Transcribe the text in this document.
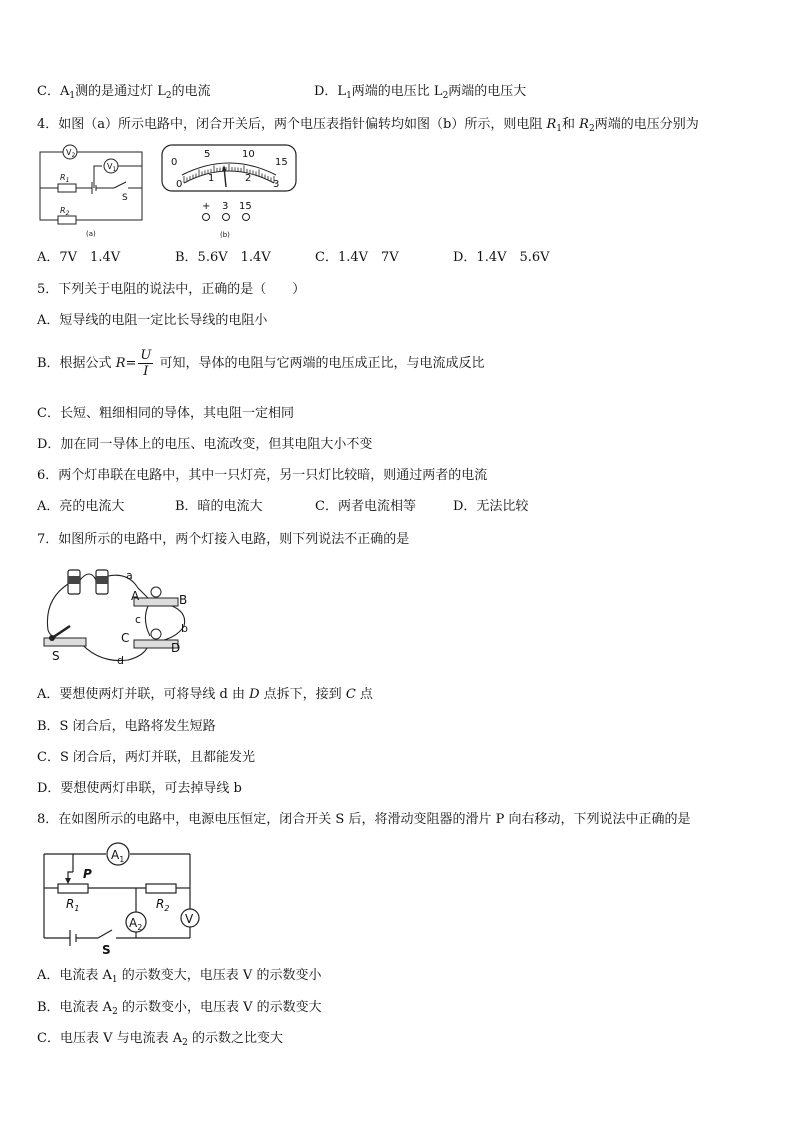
C．$A_1$测的是通过灯 $L_2$的电流	D．$L_1$两端的电压比 $L_2$两端的电压大
4．如图（a）所示电路中，闭合开关后，两个电压表指针偏转均如图（b）所示，则电阻 $R_1$和 $R_2$两端的电压分别为
$V_2$
$V_1$
$R_1$
S
$R_2$
(a)
0
5	10
15
0
1	2
3
+ 3 15
(b)
A．7V　1.4V	B．5.6V　1.4V	C．1.4V　7V	D．1.4V　5.6V
5．下列关于电阻的说法中，正确的是（　　）
A．短导线的电阻一定比长导线的电阻小
B．根据公式 $R= \frac{U}{I}$ 可知，导体的电阻与它两端的电压成正比，与电流成反比
C．长短、粗细相同的导体，其电阻一定相同
D．加在同一导体上的电压、电流改变，但其电阻大小不变
6．两个灯串联在电路中，其中一只灯亮，另一只灯比较暗，则通过两者的电流
A．亮的电流大	B．暗的电流大	C．两者电流相等	D．无法比较
7．如图所示的电路中，两个灯接入电路，则下列说法不正确的是
a
A	B
c
b
C
D
S	d
A．要想使两灯并联，可将导线 d 由 D 点拆下，接到 C 点
B．S 闭合后，电路将发生短路
C．S 闭合后，两灯并联，且都能发光
D．要想使两灯串联，可去掉导线 b
8．在如图所示的电路中，电源电压恒定，闭合开关 S 后，将滑动变阻器的滑片 P 向右移动，下列说法中正确的是
$A_1$
P
$R_1$
$A_2$
$R_2$
V
S
A．电流表 $A_1$ 的示数变大，电压表 V 的示数变小
B．电流表 $A_2$ 的示数变小，电压表 V 的示数变大
C．电压表 V 与电流表 $A_2$ 的示数之比变大
